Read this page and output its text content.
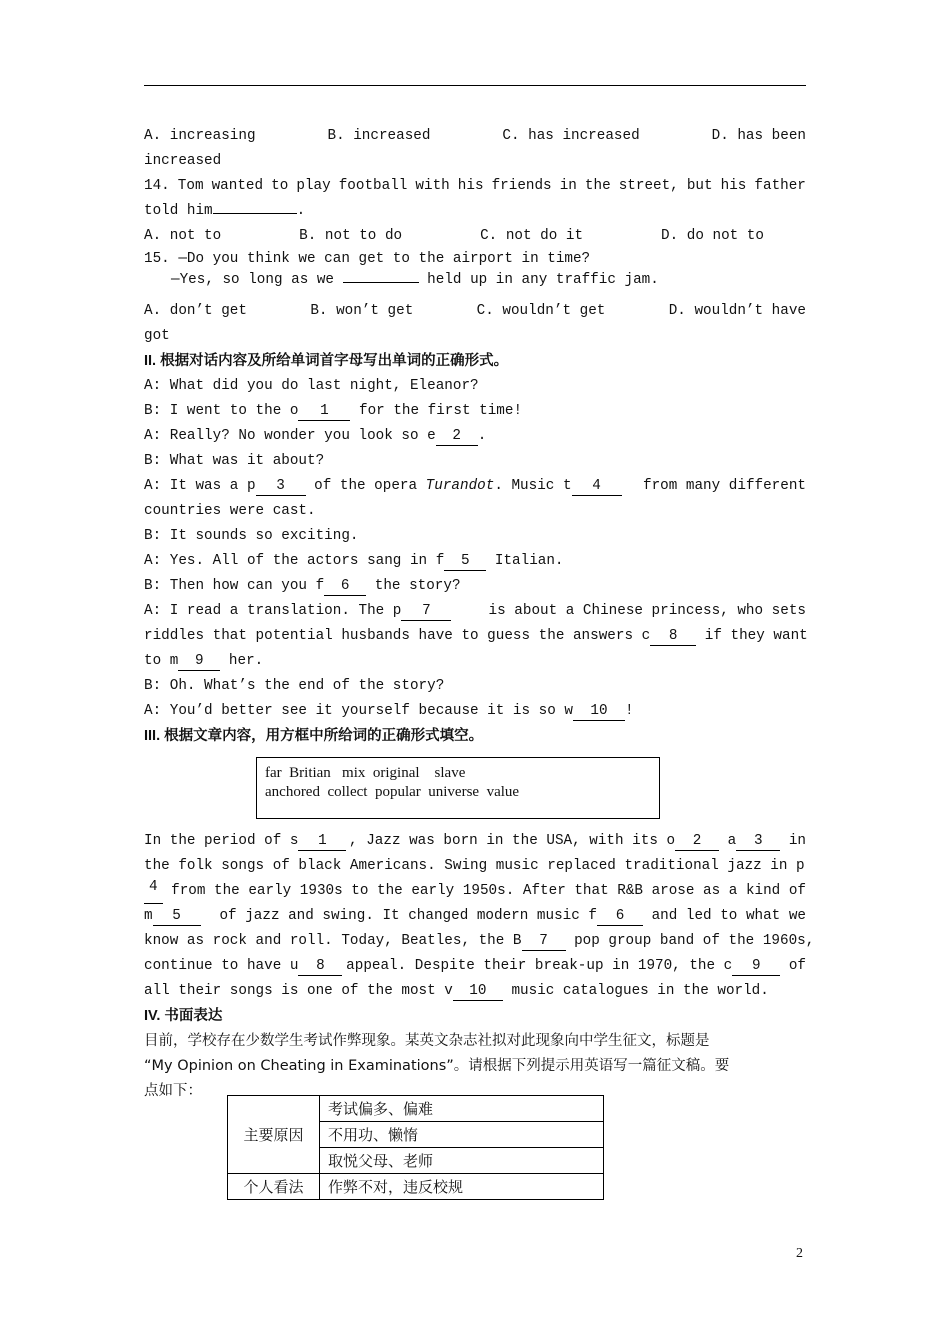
A. increasing	B. increased	C. has increased	D. has been
increased
14. Tom wanted to play football with his friends in the street, but his father
told him	.
A. not to	B. not to do	C. not do it	D. do not to
15. —Do you think we can get to the airport in time?
—Yes, so long as we	held up in any traffic jam.
A. don’t get	B. won’t get	C. wouldn’t get	D. wouldn’t have
got
II. 根据对话内容及所给单词首字母写出单词的正确形式。
A: What did you do last night, Eleanor?
B: I went to the o 1 for the first time!
A: Really? No wonder you look so e 2 .
B: What was it about?
A: It was a p 3 of the opera Turandot. Music t 4	from many different
countries were cast.
B: It sounds so exciting.
A: Yes. All of the actors sang in f 5 Italian.
B: Then how can you f 6 the story?
A: I read a translation. The p 7	is about a Chinese princess, who sets
riddles that potential husbands have to guess the answers c 8	if they want
to m 9 her.
B: Oh. What’s the end of the story?
A: You’d better see it yourself because it is so w 10 !
III. 根据文章内容，用方框中所给词的正确形式填空。
far  Britian   mix  original    slave
anchored  collect  popular  universe  value
In the period of s 1	, Jazz was born in the USA, with its o 2 a 3 in
the folk songs of black Americans. Swing music replaced traditional jazz in p
4 from the early 1930s to the early 1950s. After that R&B arose as a kind of
m 5	of jazz and swing. It changed modern music f 6 and led to what we
know as rock and roll. Today, Beatles, the B 7	pop group band of the 1960s,
continue to have u 8	appeal. Despite their break-up in 1970, the c 9 of
all their songs is one of the most v 10 music catalogues in the world.
IV. 书面表达
目前，学校存在少数学生考试作弊现象。某英文杂志社拟对此现象向中学生征文，标题是
“My Opinion on Cheating in Examinations”。请根据下列提示用英语写一篇征文稿。要
点如下：
主要原因	考试偏多、偏难
	不用功、懒惰
	取悦父母、老师
个人看法	作弊不对，违反校规
2
